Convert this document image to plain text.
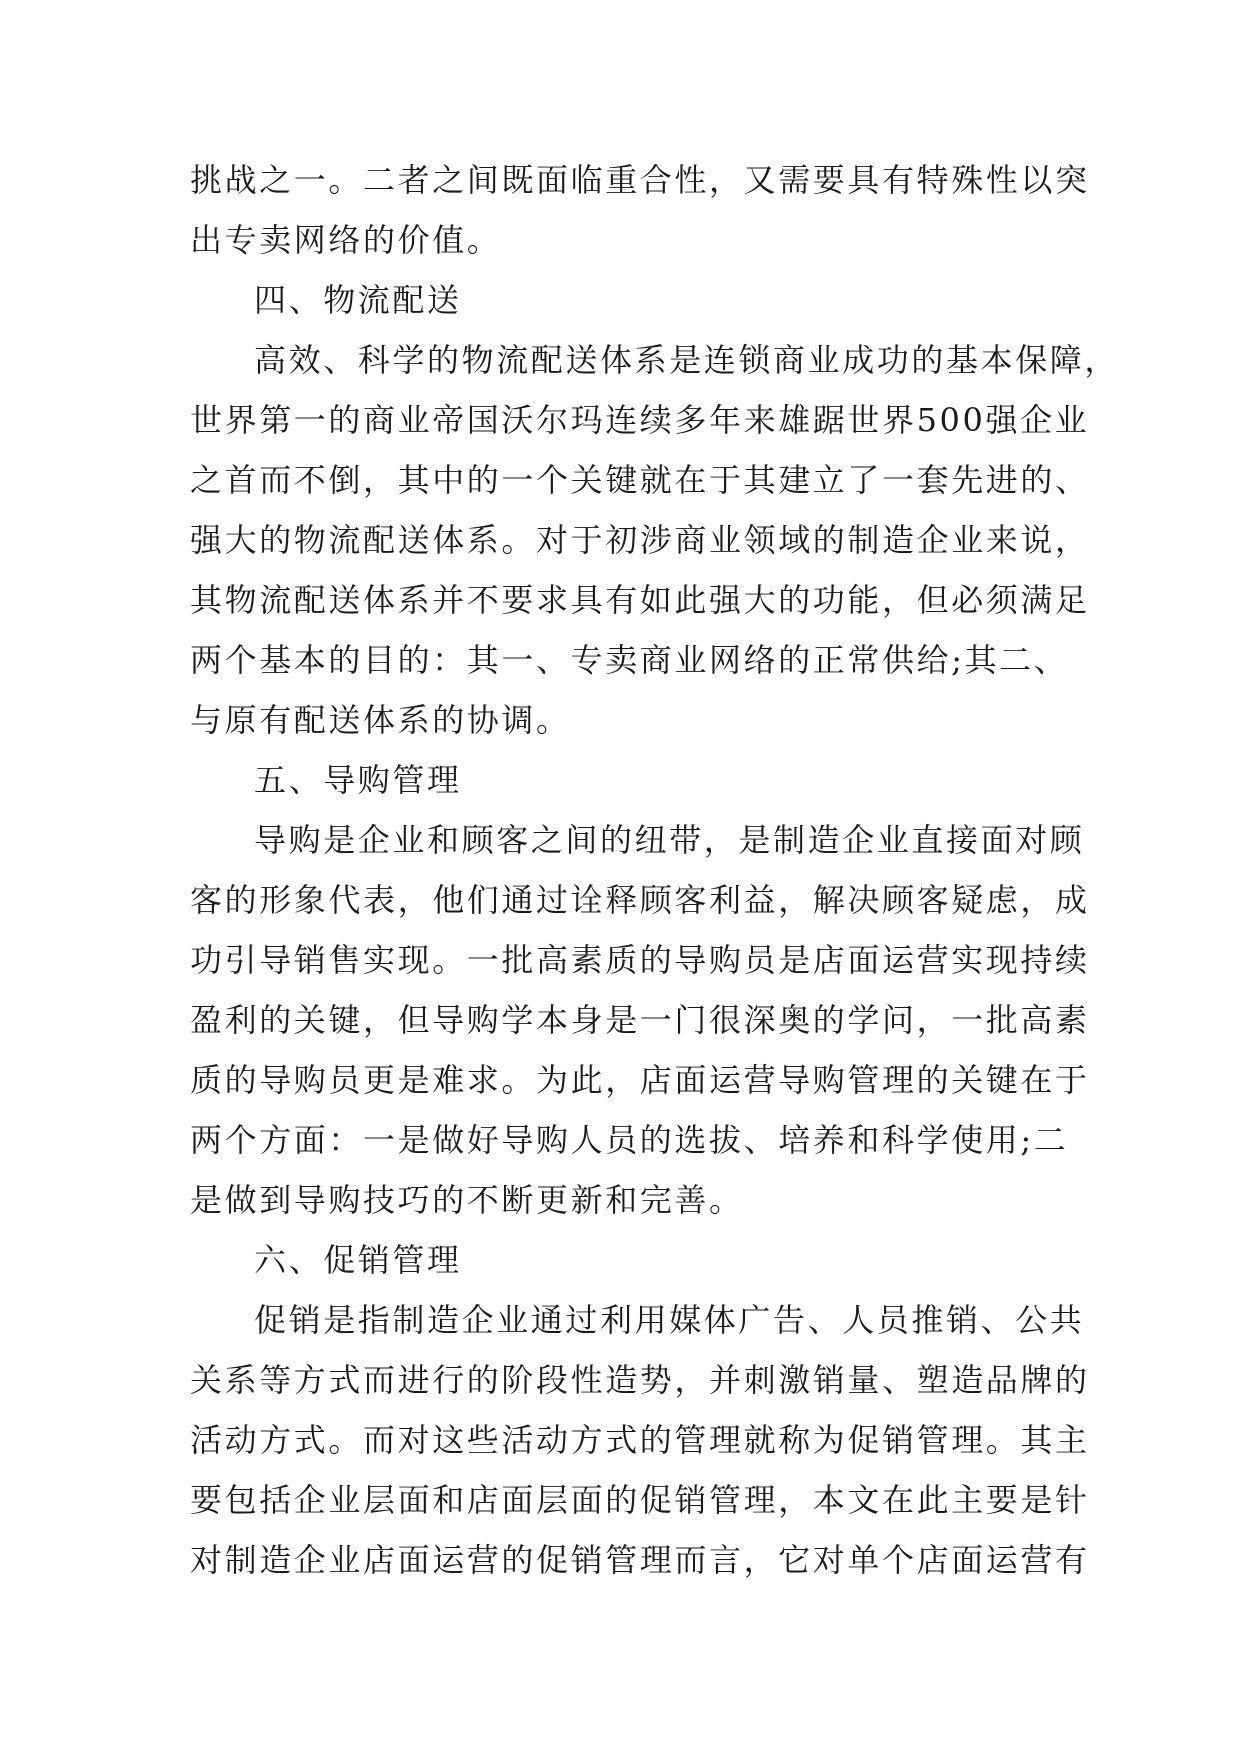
挑战之一。二者之间既面临重合性，又需要具有特殊性以突
出专卖网络的价值。
四、物流配送
高效、科学的物流配送体系是连锁商业成功的基本保障，
世界第一的商业帝国沃尔玛连续多年来雄踞世界500强企业
之首而不倒，其中的一个关键就在于其建立了一套先进的、
强大的物流配送体系。对于初涉商业领域的制造企业来说，
其物流配送体系并不要求具有如此强大的功能，但必须满足
两个基本的目的：其一、专卖商业网络的正常供给;其二、
与原有配送体系的协调。
五、导购管理
导购是企业和顾客之间的纽带，是制造企业直接面对顾
客的形象代表，他们通过诠释顾客利益，解决顾客疑虑，成
功引导销售实现。一批高素质的导购员是店面运营实现持续
盈利的关键，但导购学本身是一门很深奥的学问，一批高素
质的导购员更是难求。为此，店面运营导购管理的关键在于
两个方面：一是做好导购人员的选拔、培养和科学使用;二
是做到导购技巧的不断更新和完善。
六、促销管理
促销是指制造企业通过利用媒体广告、人员推销、公共
关系等方式而进行的阶段性造势，并刺激销量、塑造品牌的
活动方式。而对这些活动方式的管理就称为促销管理。其主
要包括企业层面和店面层面的促销管理，本文在此主要是针
对制造企业店面运营的促销管理而言，它对单个店面运营有
